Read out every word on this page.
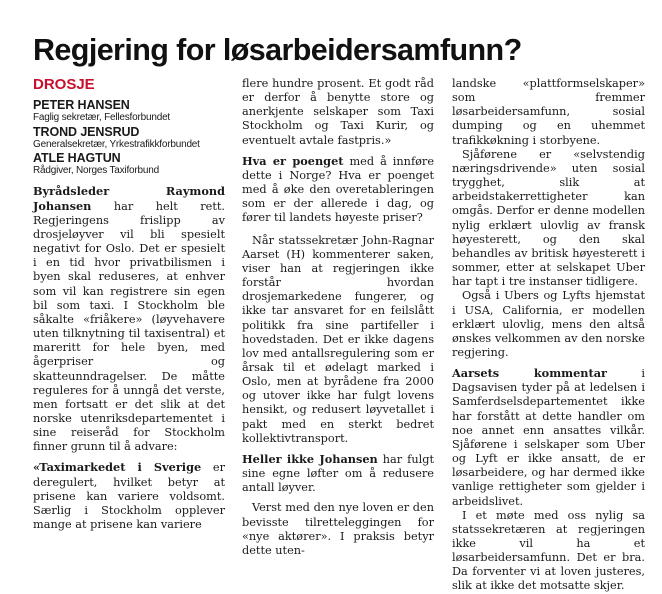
Regjering for løsarbeidersamfunn?

DROSJE

PETER HANSEN

Faglig sekretær, Fellesforbundet

TROND JENSRUD

Generalsekretær, Yrkestrafikkforbundet

ATLE HAGTUN

Rådgiver, Norges Taxiforbund

Byrådsleder Raymond Johansen har helt rett. Regjeringens frislipp av drosjeløyver vil bli spesielt negativt for Oslo. Det er spesielt i en tid hvor privatbilismen i byen skal reduseres, at enhver som vil kan registrere sin egen bil som taxi. I Stockholm ble såkalte «friåkere» (løyvehavere uten tilknytning til taxisentral) et mareritt for hele byen, med ågerpriser og skatteunndragelser. De måtte reguleres for å unngå det verste, men fortsatt er det slik at det norske utenriksdepartementet i sine reiseråd for Stockholm finner grunn til å advare:

«Taximarkedet i Sverige er deregulert, hvilket betyr at prisene kan variere voldsomt. Særlig i Stockholm opplever mange at prisene kan variere

flere hundre prosent. Et godt råd er derfor å benytte store og anerkjente selskaper som Taxi Stockholm og Taxi Kurir, og eventuelt avtale fastpris.»

Hva er poenget med å innføre dette i Norge? Hva er poenget med å øke den overetableringen som er der allerede i dag, og fører til landets høyeste priser?

Når statssekretær John-Ragnar Aarset (H) kommenterer saken, viser han at regjeringen ikke forstår hvordan drosjemarkedene fungerer, og ikke tar ansvaret for en feilslått politikk fra sine partifeller i hovedstaden. Det er ikke dagens lov med antallsregulering som er årsak til et ødelagt marked i Oslo, men at byrådene fra 2000 og utover ikke har fulgt lovens hensikt, og redusert løyvetallet i pakt med en sterkt bedret kollektivtransport.

Heller ikke Johansen har fulgt sine egne løfter om å redusere antall løyver.

Verst med den nye loven er den bevisste tilretteleggingen for «nye aktører». I praksis betyr dette uten-

landske «plattformselskaper» som fremmer løsarbeidersamfunn, sosial dumping og en uhemmet trafikkøkning i storbyene.

Sjåførene er «selvstendig næringsdrivende» uten sosial trygghet, slik at arbeidstakerrettigheter kan omgås. Derfor er denne modellen nylig erklært ulovlig av fransk høyesterett, og den skal behandles av britisk høyesterett i sommer, etter at selskapet Uber har tapt i tre instanser tidligere.

Også i Ubers og Lyfts hjemstat i USA, California, er modellen erklært ulovlig, mens den altså ønskes velkommen av den norske regjering.

Aarsets kommentar	i Dagsavisen tyder på at ledelsen i Samferdselsdepartementet ikke har forstått at dette handler om noe annet enn ansattes vilkår. Sjåførene i selskaper som Uber og Lyft er ikke ansatt, de er løsarbeidere, og har dermed ikke vanlige rettigheter som gjelder i arbeidslivet.

I et møte med oss nylig sa statssekretæren at regjeringen ikke vil ha et løsarbeidersamfunn. Det er bra. Da forventer vi at loven justeres, slik at ikke det motsatte skjer.
